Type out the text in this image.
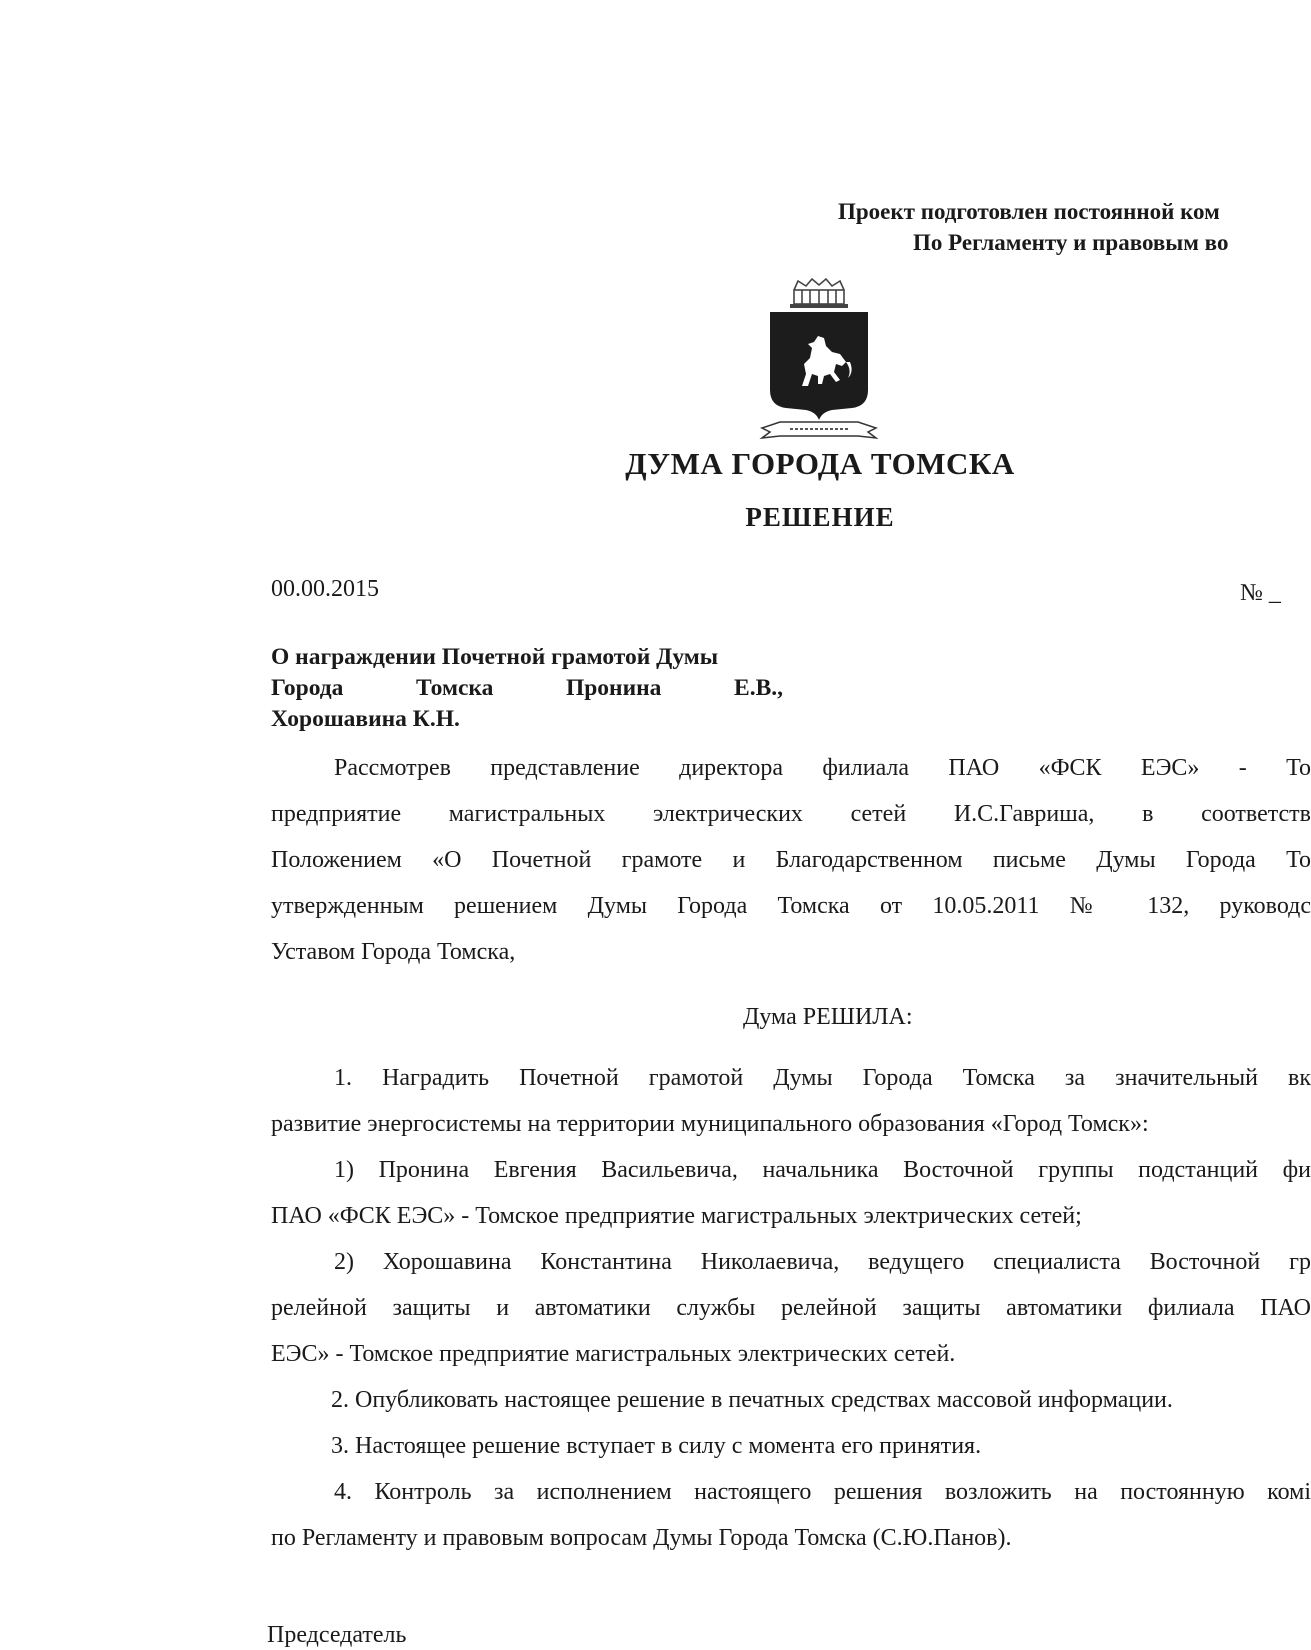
Проект подготовлен постоянной ком
По Регламенту и правовым во
ДУМА ГОРОДА ТОМСКА
РЕШЕНИЕ
00.00.2015	№ _
О награждении Почетной грамотой Думы
Города	Томска	Пронина	Е.В.,
Хорошавина К.Н.
Рассмотрев представление директора филиала ПАО «ФСК ЕЭС» - То
предприятие магистральных электрических сетей И.С.Гавриша, в соответств
Положением «О Почетной грамоте и Благодарственном письме Думы Города То
утвержденным решением Думы Города Томска от 10.05.2011 № 132, руководс
Уставом Города Томска,
Дума РЕШИЛА:
1. Наградить Почетной грамотой Думы Города Томска за значительный вк
развитие энергосистемы на территории муниципального образования «Город Томск»:
1) Пронина Евгения Васильевича, начальника Восточной группы подстанций фи
ПАО «ФСК ЕЭС» - Томское предприятие магистральных электрических сетей;
2) Хорошавина Константина Николаевича, ведущего специалиста Восточной гр
релейной защиты и автоматики службы релейной защиты автоматики филиала ПАО
ЕЭС» - Томское предприятие магистральных электрических сетей.
2. Опубликовать настоящее решение в печатных средствах массовой информации.
3. Настоящее решение вступает в силу с момента его принятия.
4. Контроль за исполнением настоящего решения возложить на постоянную комі
по Регламенту и правовым вопросам Думы Города Томска (С.Ю.Панов).
Председатель
